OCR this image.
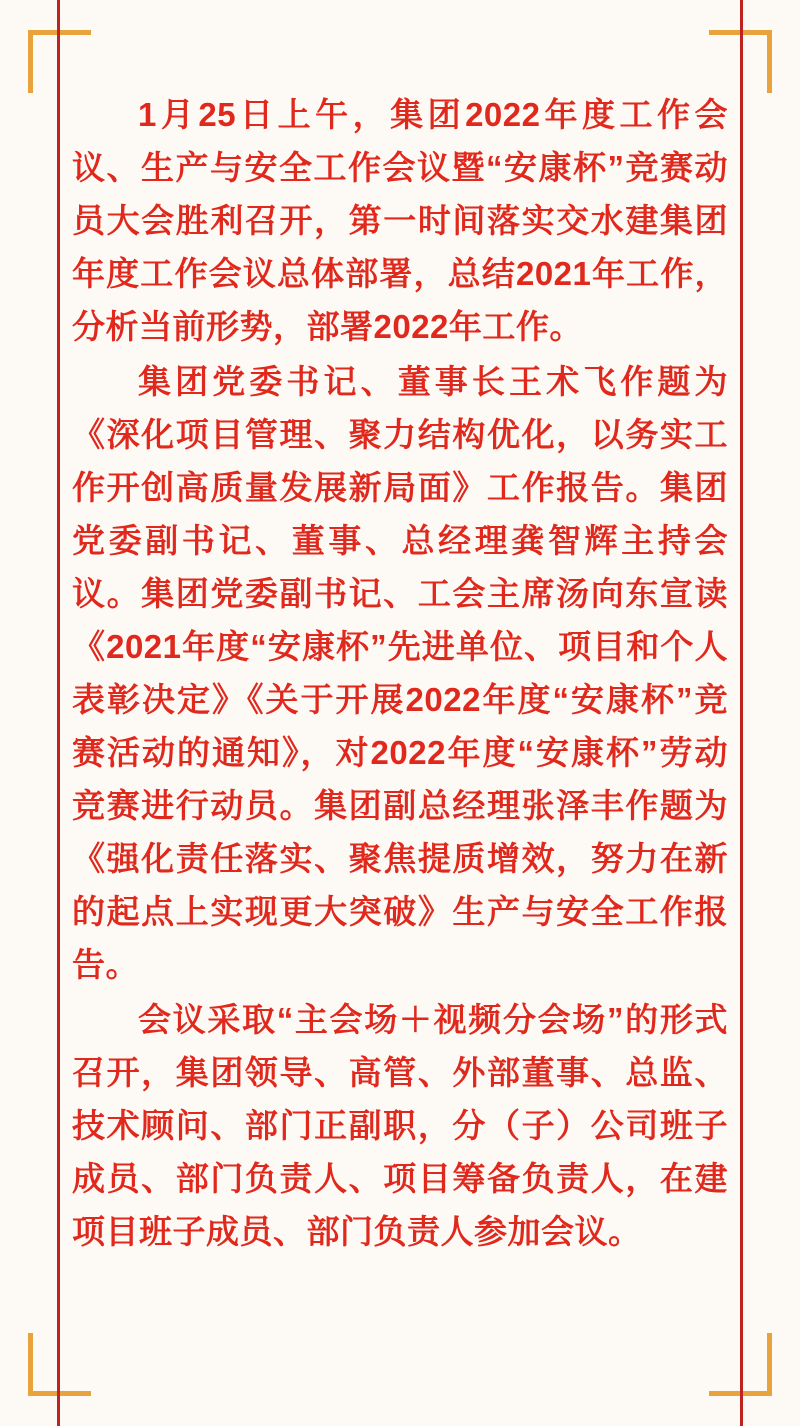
1月25日上午，集团2022年度工作会议、生产与安全工作会议暨“安康杯”竞赛动员大会胜利召开，第一时间落实交水建集团年度工作会议总体部署，总结2021年工作，分析当前形势，部署2022年工作。

集团党委书记、董事长王术飞作题为《深化项目管理、聚力结构优化，以务实工作开创高质量发展新局面》工作报告。集团党委副书记、董事、总经理龚智辉主持会议。集团党委副书记、工会主席汤向东宣读《2021年度“安康杯”先进单位、项目和个人表彰决定》《关于开展2022年度“安康杯”竞赛活动的通知》，对2022年度“安康杯”劳动竞赛进行动员。集团副总经理张泽丰作题为《强化责任落实、聚焦提质增效，努力在新的起点上实现更大突破》生产与安全工作报告。

会议采取“主会场＋视频分会场”的形式召开，集团领导、高管、外部董事、总监、技术顾问、部门正副职，分（子）公司班子成员、部门负责人、项目筹备负责人，在建项目班子成员、部门负责人参加会议。
